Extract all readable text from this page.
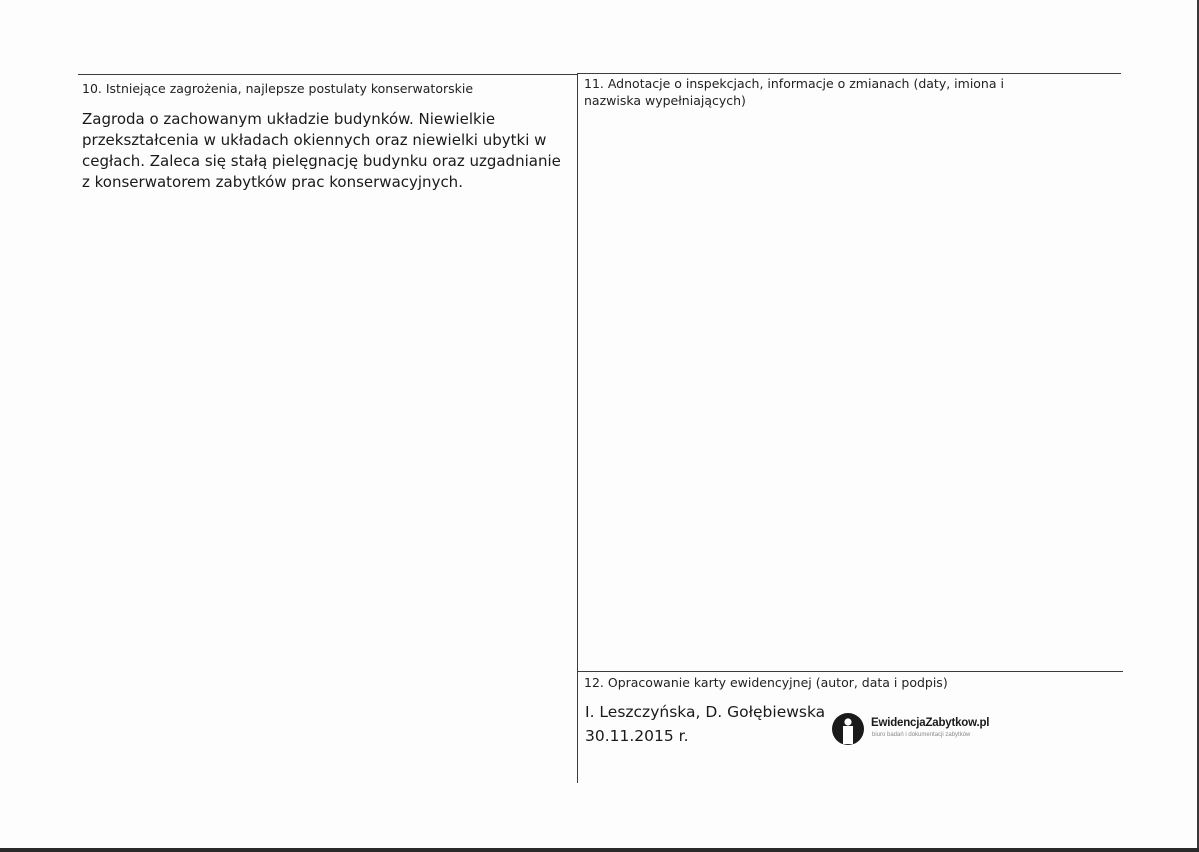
10. Istniejące zagrożenia, najlepsze postulaty konserwatorskie
Zagroda o zachowanym układzie budynków. Niewielkie przekształcenia w układach okiennych oraz niewielki ubytki w cegłach. Zaleca się stałą pielęgnację budynku oraz uzgadnianie z konserwatorem zabytków prac konserwacyjnych.
11. Adnotacje o inspekcjach, informacje o zmianach (daty, imiona i nazwiska wypełniających)
12. Opracowanie karty ewidencyjnej (autor, data i podpis)
I. Leszczyńska, D. Gołębiewska
30.11.2015 r.
EwidencjaZabytkow.pl
biuro badań i dokumentacji zabytków
